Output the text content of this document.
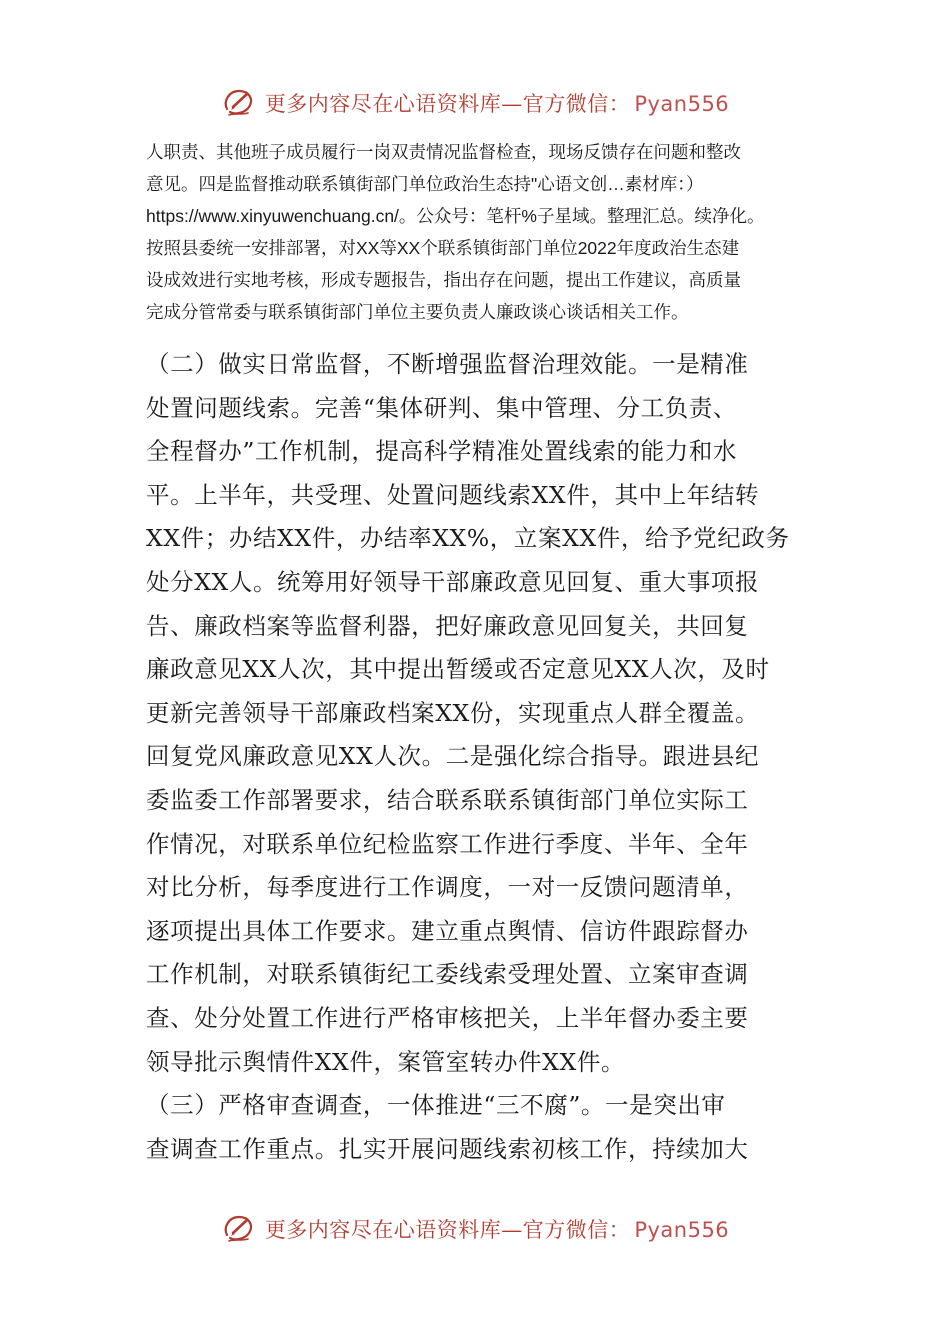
更多内容尽在心语资料库—官方微信： Pyan556
人职责、其他班子成员履行一岗双责情况监督检查，现场反馈存在问题和整改
意见。四是监督推动联系镇街部门单位政治生态持"心语文创…素材库：）
https://www.xinyuwenchuang.cn/。公众号：笔杆%子星域。整理汇总。续净化。
按照县委统一安排部署，对XX等XX个联系镇街部门单位2022年度政治生态建
设成效进行实地考核，形成专题报告，指出存在问题，提出工作建议，高质量
完成分管常委与联系镇街部门单位主要负责人廉政谈心谈话相关工作。
（二）做实日常监督，不断增强监督治理效能。一是精准
处置问题线索。完善“集体研判、集中管理、分工负责、
全程督办”工作机制，提高科学精准处置线索的能力和水
平。上半年，共受理、处置问题线索XX件，其中上年结转
XX件；办结XX件，办结率XX%，立案XX件，给予党纪政务
处分XX人。统筹用好领导干部廉政意见回复、重大事项报
告、廉政档案等监督利器，把好廉政意见回复关，共回复
廉政意见XX人次，其中提出暂缓或否定意见XX人次，及时
更新完善领导干部廉政档案XX份，实现重点人群全覆盖。
回复党风廉政意见XX人次。二是强化综合指导。跟进县纪
委监委工作部署要求，结合联系联系镇街部门单位实际工
作情况，对联系单位纪检监察工作进行季度、半年、全年
对比分析，每季度进行工作调度，一对一反馈问题清单，
逐项提出具体工作要求。建立重点舆情、信访件跟踪督办
工作机制，对联系镇街纪工委线索受理处置、立案审查调
查、处分处置工作进行严格审核把关，上半年督办委主要
领导批示舆情件XX件，案管室转办件XX件。
（三）严格审查调查，一体推进“三不腐”。一是突出审
查调查工作重点。扎实开展问题线索初核工作，持续加大
更多内容尽在心语资料库—官方微信： Pyan556
